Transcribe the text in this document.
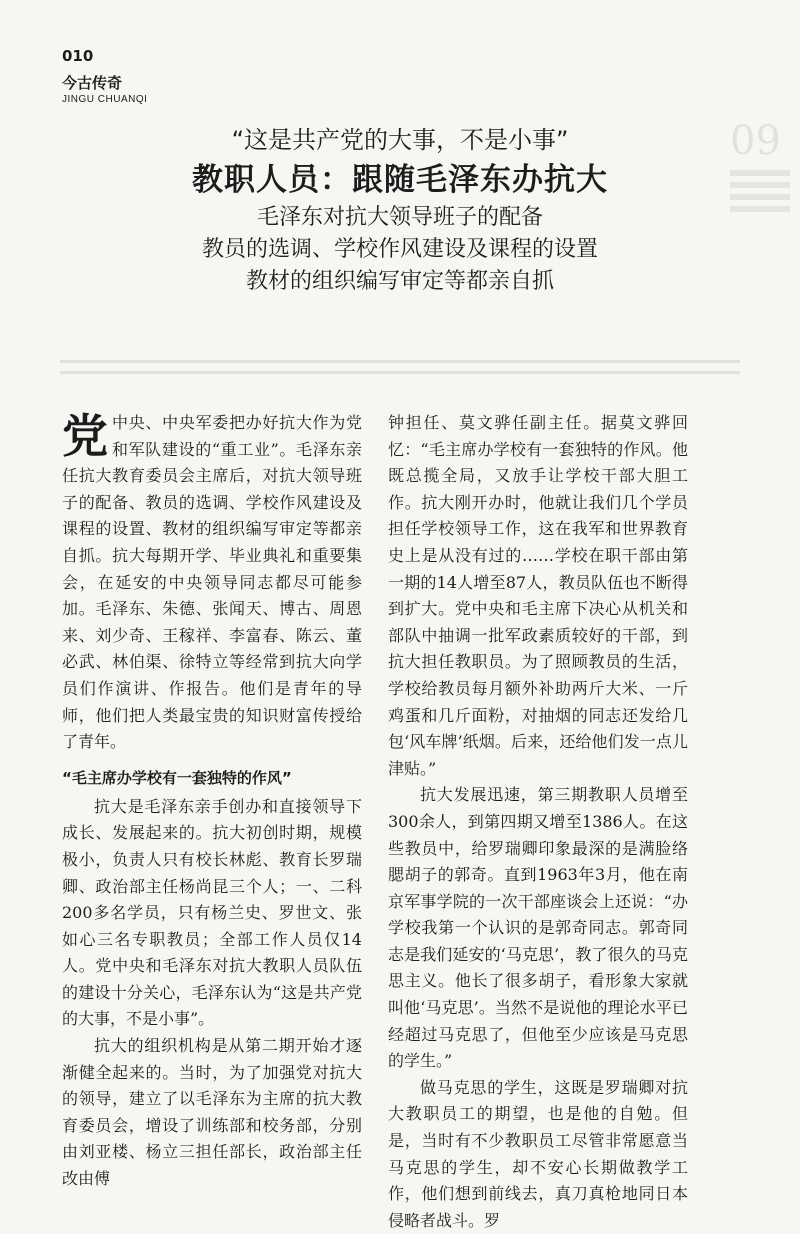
010
今古传奇
JINGU CHUANQI
09
“这是共产党的大事，不是小事”
教职人员：跟随毛泽东办抗大
毛泽东对抗大领导班子的配备
教员的选调、学校作风建设及课程的设置
教材的组织编写审定等都亲自抓

党中央、中央军委把办好抗大作为党和军队建设的“重工业”。毛泽东亲任抗大教育委员会主席后，对抗大领导班子的配备、教员的选调、学校作风建设及课程的设置、教材的组织编写审定等都亲自抓。抗大每期开学、毕业典礼和重要集会，在延安的中央领导同志都尽可能参加。毛泽东、朱德、张闻天、博古、周恩来、刘少奇、王稼祥、李富春、陈云、董必武、林伯渠、徐特立等经常到抗大向学员们作演讲、作报告。他们是青年的导师，他们把人类最宝贵的知识财富传授给了青年。

“毛主席办学校有一套独特的作风”

抗大是毛泽东亲手创办和直接领导下成长、发展起来的。抗大初创时期，规模极小，负责人只有校长林彪、教育长罗瑞卿、政治部主任杨尚昆三个人；一、二科200多名学员，只有杨兰史、罗世文、张如心三名专职教员；全部工作人员仅14人。党中央和毛泽东对抗大教职人员队伍的建设十分关心，毛泽东认为“这是共产党的大事，不是小事”。

抗大的组织机构是从第二期开始才逐渐健全起来的。当时，为了加强党对抗大的领导，建立了以毛泽东为主席的抗大教育委员会，增设了训练部和校务部，分别由刘亚楼、杨立三担任部长，政治部主任改由傅

钟担任、莫文骅任副主任。据莫文骅回忆：“毛主席办学校有一套独特的作风。他既总揽全局，又放手让学校干部大胆工作。抗大刚开办时，他就让我们几个学员担任学校领导工作，这在我军和世界教育史上是从没有过的……学校在职干部由第一期的14人增至87人，教员队伍也不断得到扩大。党中央和毛主席下决心从机关和部队中抽调一批军政素质较好的干部，到抗大担任教职员。为了照顾教员的生活，学校给教员每月额外补助两斤大米、一斤鸡蛋和几斤面粉，对抽烟的同志还发给几包‘风车牌’纸烟。后来，还给他们发一点儿津贴。”

抗大发展迅速，第三期教职人员增至300余人，到第四期又增至1386人。在这些教员中，给罗瑞卿印象最深的是满脸络腮胡子的郭奇。直到1963年3月，他在南京军事学院的一次干部座谈会上还说：“办学校我第一个认识的是郭奇同志。郭奇同志是我们延安的‘马克思’，教了很久的马克思主义。他长了很多胡子，看形象大家就叫他‘马克思’。当然不是说他的理论水平已经超过马克思了，但他至少应该是马克思的学生。”

做马克思的学生，这既是罗瑞卿对抗大教职员工的期望，也是他的自勉。但是，当时有不少教职员工尽管非常愿意当马克思的学生，却不安心长期做教学工作，他们想到前线去，真刀真枪地同日本侵略者战斗。罗
